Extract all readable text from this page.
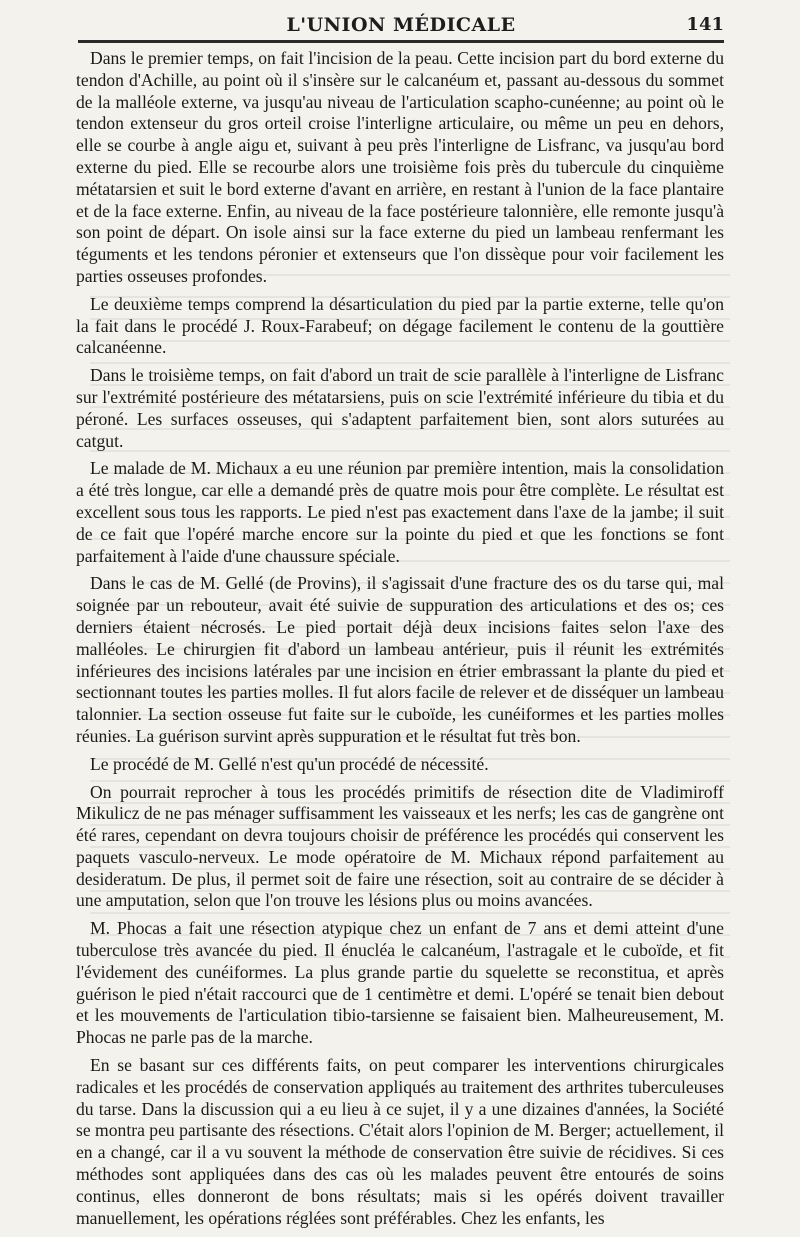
L'UNION MÉDICALE	141

Dans le premier temps, on fait l'incision de la peau. Cette incision part du bord externe du tendon d'Achille, au point où il s'insère sur le calcanéum et, passant au-dessous du sommet de la malléole externe, va jusqu'au niveau de l'articulation scapho-cunéenne; au point où le tendon extenseur du gros orteil croise l'interligne articulaire, ou même un peu en dehors, elle se courbe à angle aigu et, suivant à peu près l'interligne de Lisfranc, va jusqu'au bord externe du pied. Elle se recourbe alors une troisième fois près du tubercule du cinquième métatarsien et suit le bord externe d'avant en arrière, en restant à l'union de la face plantaire et de la face externe. Enfin, au niveau de la face postérieure talonnière, elle remonte jusqu'à son point de départ. On isole ainsi sur la face externe du pied un lambeau renfermant les téguments et les tendons péronier et extenseurs que l'on dissèque pour voir facilement les parties osseuses profondes.

Le deuxième temps comprend la désarticulation du pied par la partie externe, telle qu'on la fait dans le procédé J. Roux-Farabeuf; on dégage facilement le contenu de la gouttière calcanéenne.

Dans le troisième temps, on fait d'abord un trait de scie parallèle à l'interligne de Lisfranc sur l'extrémité postérieure des métatarsiens, puis on scie l'extrémité inférieure du tibia et du péroné. Les surfaces osseuses, qui s'adaptent parfaitement bien, sont alors suturées au catgut.

Le malade de M. Michaux a eu une réunion par première intention, mais la consolidation a été très longue, car elle a demandé près de quatre mois pour être complète. Le résultat est excellent sous tous les rapports. Le pied n'est pas exactement dans l'axe de la jambe; il suit de ce fait que l'opéré marche encore sur la pointe du pied et que les fonctions se font parfaitement à l'aide d'une chaussure spéciale.

Dans le cas de M. Gellé (de Provins), il s'agissait d'une fracture des os du tarse qui, mal soignée par un rebouteur, avait été suivie de suppuration des articulations et des os; ces derniers étaient nécrosés. Le pied portait déjà deux incisions faites selon l'axe des malléoles. Le chirurgien fit d'abord un lambeau antérieur, puis il réunit les extrémités inférieures des incisions latérales par une incision en étrier embrassant la plante du pied et sectionnant toutes les parties molles. Il fut alors facile de relever et de disséquer un lambeau talonnier. La section osseuse fut faite sur le cuboïde, les cunéiformes et les parties molles réunies. La guérison survint après suppuration et le résultat fut très bon.

Le procédé de M. Gellé n'est qu'un procédé de nécessité.

On pourrait reprocher à tous les procédés primitifs de résection dite de Vladimiroff Mikulicz de ne pas ménager suffisamment les vaisseaux et les nerfs; les cas de gangrène ont été rares, cependant on devra toujours choisir de préférence les procédés qui conservent les paquets vasculo-nerveux. Le mode opératoire de M. Michaux répond parfaitement au desideratum. De plus, il permet soit de faire une résection, soit au contraire de se décider à une amputation, selon que l'on trouve les lésions plus ou moins avancées.

M. Phocas a fait une résection atypique chez un enfant de 7 ans et demi atteint d'une tuberculose très avancée du pied. Il énucléa le calcanéum, l'astragale et le cuboïde, et fit l'évidement des cunéiformes. La plus grande partie du squelette se reconstitua, et après guérison le pied n'était raccourci que de 1 centimètre et demi. L'opéré se tenait bien debout et les mouvements de l'articulation tibio-tarsienne se faisaient bien. Malheureusement, M. Phocas ne parle pas de la marche.

En se basant sur ces différents faits, on peut comparer les interventions chirurgicales radicales et les procédés de conservation appliqués au traitement des arthrites tuberculeuses du tarse. Dans la discussion qui a eu lieu à ce sujet, il y a une dizaines d'années, la Société se montra peu partisante des résections. C'était alors l'opinion de M. Berger; actuellement, il en a changé, car il a vu souvent la méthode de conservation être suivie de récidives. Si ces méthodes sont appliquées dans des cas où les malades peuvent être entourés de soins continus, elles donneront de bons résultats; mais si les opérés doivent travailler manuellement, les opérations réglées sont préférables. Chez les enfants, les
